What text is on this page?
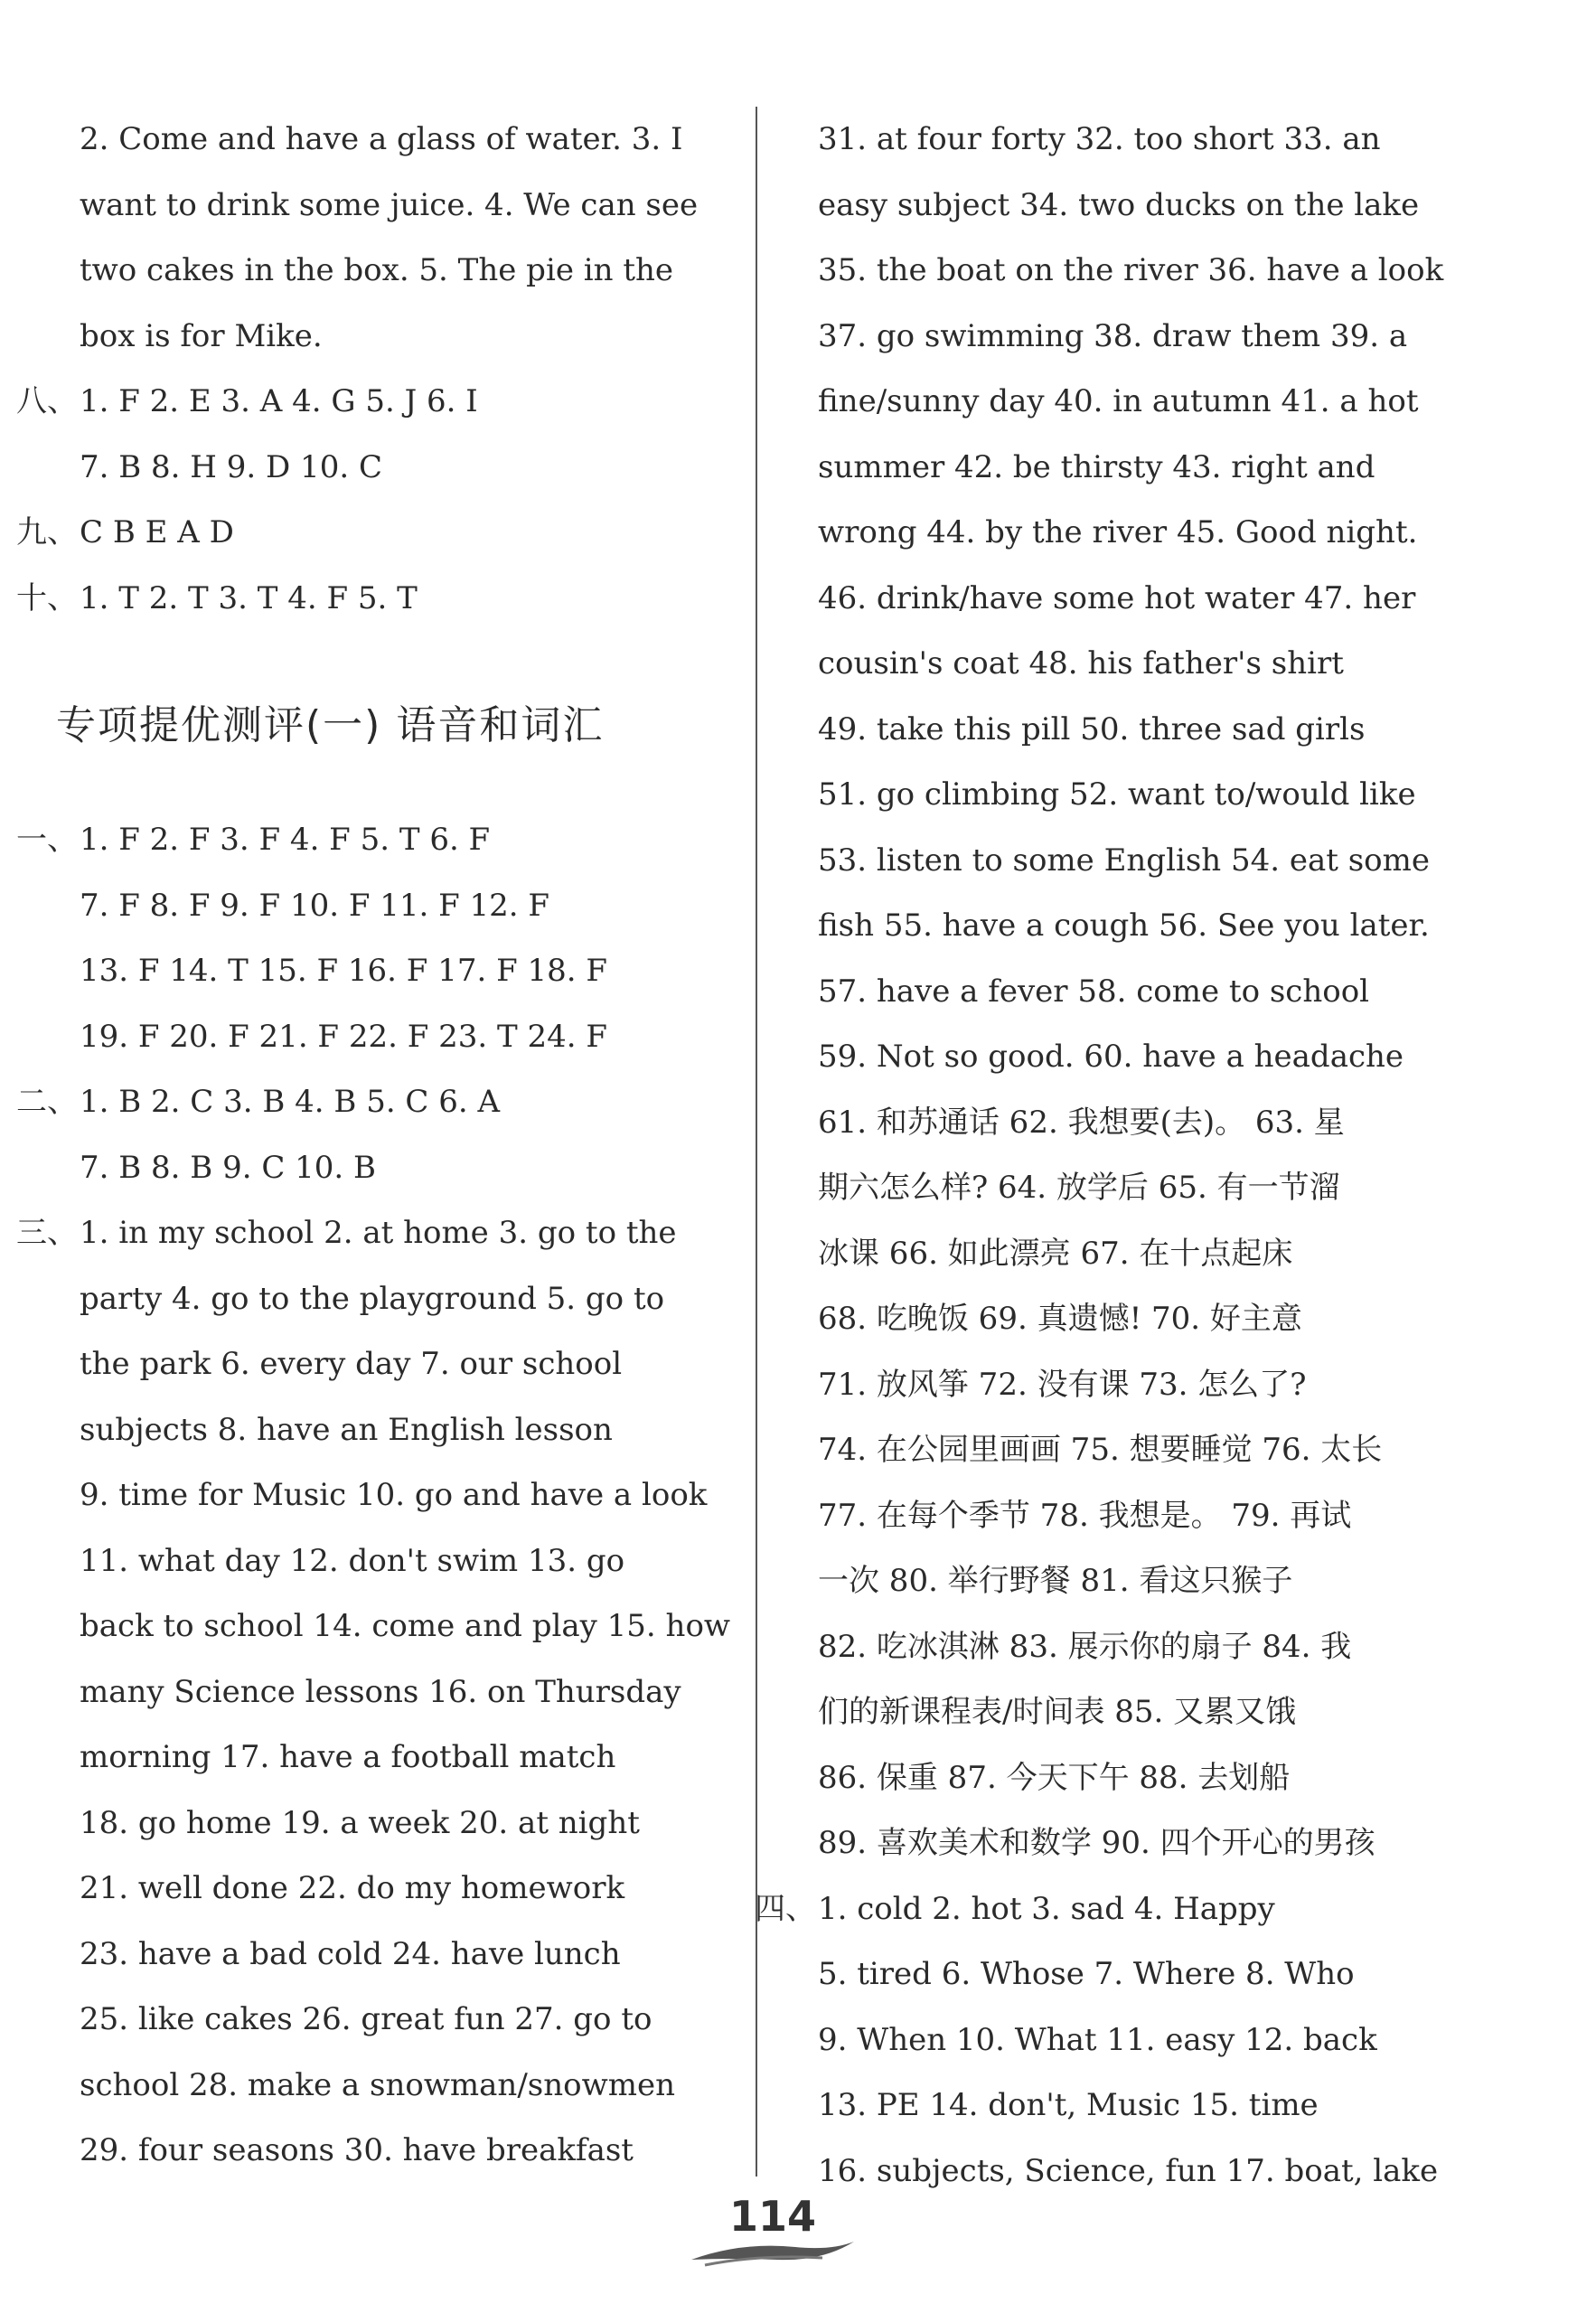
2. Come and have a glass of water. 3. I
want to drink some juice. 4. We can see
two cakes in the box. 5. The pie in the
box is for Mike.
八、1. F 2. E 3. A 4. G 5. J 6. I
7. B 8. H 9. D 10. C
九、C B E A D
十、1. T 2. T 3. T 4. F 5. T
专项提优测评(一) 语音和词汇
一、1. F 2. F 3. F 4. F 5. T 6. F
7. F 8. F 9. F 10. F 11. F 12. F
13. F 14. T 15. F 16. F 17. F 18. F
19. F 20. F 21. F 22. F 23. T 24. F
二、1. B 2. C 3. B 4. B 5. C 6. A
7. B 8. B 9. C 10. B
三、1. in my school 2. at home 3. go to the
party 4. go to the playground 5. go to
the park 6. every day 7. our school
subjects 8. have an English lesson
9. time for Music 10. go and have a look
11. what day 12. don't swim 13. go
back to school 14. come and play 15. how
many Science lessons 16. on Thursday
morning 17. have a football match
18. go home 19. a week 20. at night
21. well done 22. do my homework
23. have a bad cold 24. have lunch
25. like cakes 26. great fun 27. go to
school 28. make a snowman/snowmen
29. four seasons 30. have breakfast
31. at four forty 32. too short 33. an
easy subject 34. two ducks on the lake
35. the boat on the river 36. have a look
37. go swimming 38. draw them 39. a
fine/sunny day 40. in autumn 41. a hot
summer 42. be thirsty 43. right and
wrong 44. by the river 45. Good night.
46. drink/have some hot water 47. her
cousin's coat 48. his father's shirt
49. take this pill 50. three sad girls
51. go climbing 52. want to/would like
53. listen to some English 54. eat some
fish 55. have a cough 56. See you later.
57. have a fever 58. come to school
59. Not so good. 60. have a headache
61. 和苏通话 62. 我想要(去)。 63. 星
期六怎么样? 64. 放学后 65. 有一节溜
冰课 66. 如此漂亮 67. 在十点起床
68. 吃晚饭 69. 真遗憾! 70. 好主意
71. 放风筝 72. 没有课 73. 怎么了?
74. 在公园里画画 75. 想要睡觉 76. 太长
77. 在每个季节 78. 我想是。 79. 再试
一次 80. 举行野餐 81. 看这只猴子
82. 吃冰淇淋 83. 展示你的扇子 84. 我
们的新课程表/时间表 85. 又累又饿
86. 保重 87. 今天下午 88. 去划船
89. 喜欢美术和数学 90. 四个开心的男孩
四、1. cold 2. hot 3. sad 4. Happy
5. tired 6. Whose 7. Where 8. Who
9. When 10. What 11. easy 12. back
13. PE 14. don't, Music 15. time
16. subjects, Science, fun 17. boat, lake
114
